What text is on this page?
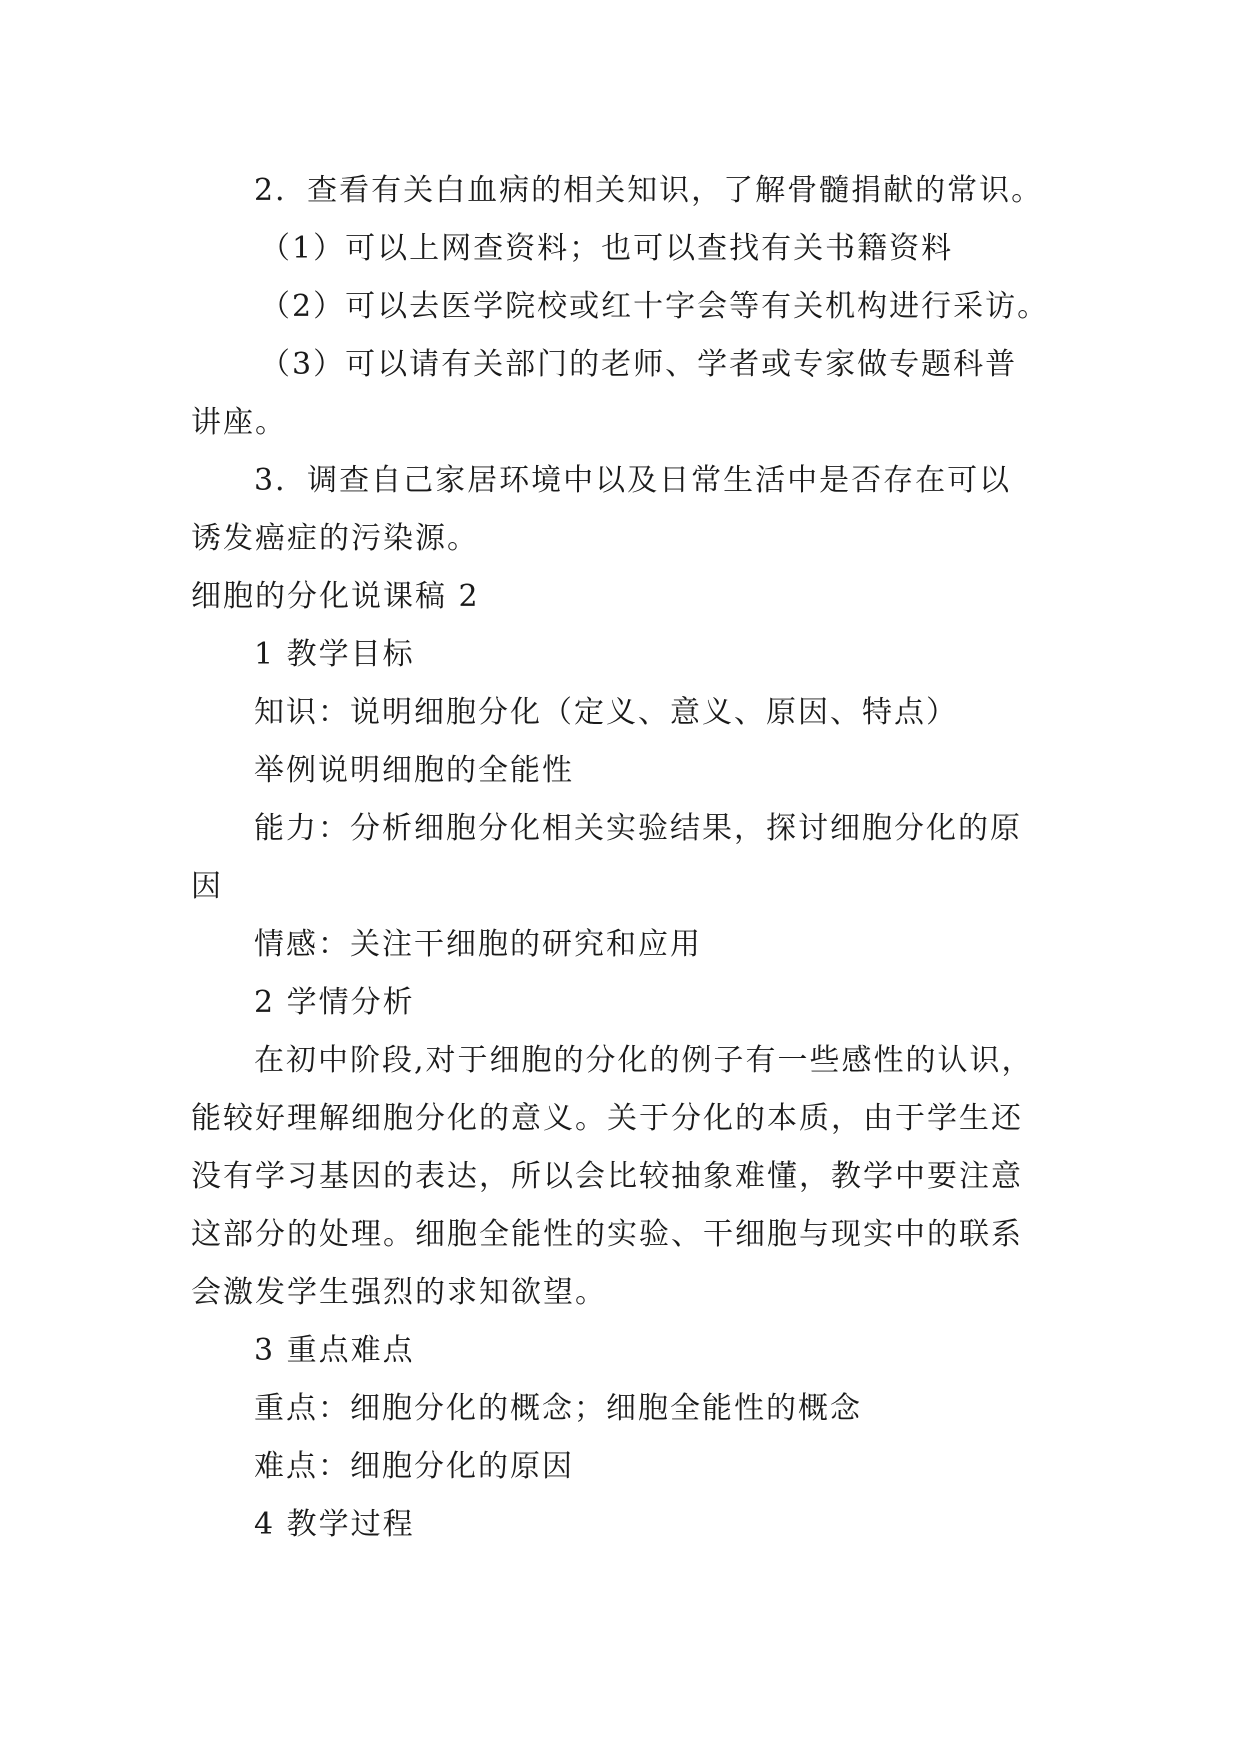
2．查看有关白血病的相关知识，了解骨髓捐献的常识。

（1）可以上网查资料；也可以查找有关书籍资料

（2）可以去医学院校或红十字会等有关机构进行采访。

（3）可以请有关部门的老师、学者或专家做专题科普

讲座。

3．调查自己家居环境中以及日常生活中是否存在可以

诱发癌症的污染源。

细胞的分化说课稿 2

1 教学目标

知识：说明细胞分化（定义、意义、原因、特点）

举例说明细胞的全能性

能力：分析细胞分化相关实验结果，探讨细胞分化的原

因

情感：关注干细胞的研究和应用

2 学情分析

在初中阶段,对于细胞的分化的例子有一些感性的认识，

能较好理解细胞分化的意义。关于分化的本质，由于学生还

没有学习基因的表达，所以会比较抽象难懂，教学中要注意

这部分的处理。细胞全能性的实验、干细胞与现实中的联系

会激发学生强烈的求知欲望。

3 重点难点

重点：细胞分化的概念；细胞全能性的概念

难点：细胞分化的原因

4 教学过程
